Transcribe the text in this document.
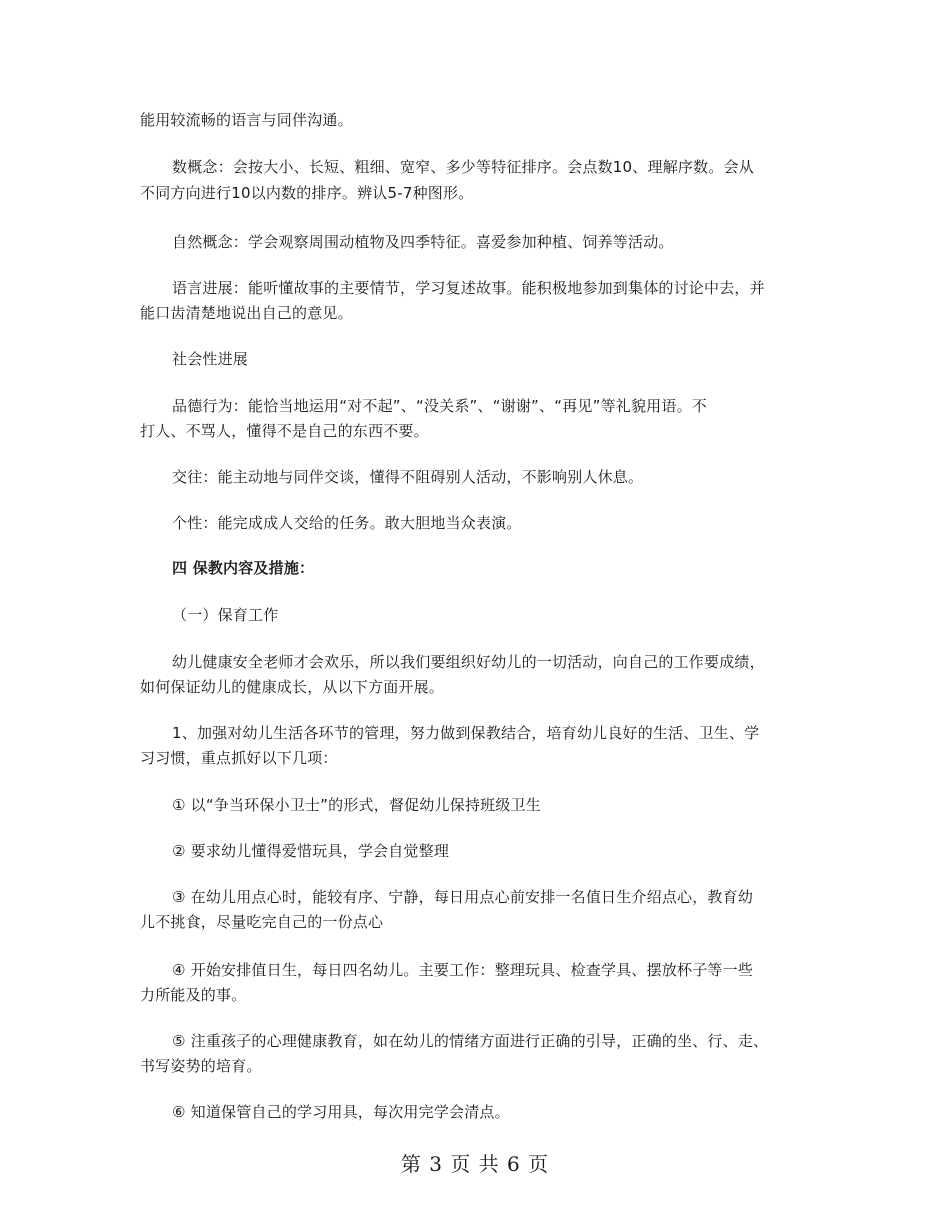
能用较流畅的语言与同伴沟通。
数概念：会按大小、长短、粗细、宽窄、多少等特征排序。会点数10、理解序数。会从
不同方向进行10以内数的排序。辨认5-7种图形。
自然概念：学会观察周围动植物及四季特征。喜爱参加种植、饲养等活动。
语言进展：能听懂故事的主要情节，学习复述故事。能积极地参加到集体的讨论中去，并
能口齿清楚地说出自己的意见。
社会性进展
品德行为：能恰当地运用“对不起”、“没关系”、“谢谢”、“再见”等礼貌用语。不
打人、不骂人，懂得不是自己的东西不要。
交往：能主动地与同伴交谈，懂得不阻碍别人活动，不影响别人休息。
个性：能完成成人交给的任务。敢大胆地当众表演。
四 保教内容及措施：
（一）保育工作
幼儿健康安全老师才会欢乐，所以我们要组织好幼儿的一切活动，向自己的工作要成绩，
如何保证幼儿的健康成长，从以下方面开展。
1、加强对幼儿生活各环节的管理，努力做到保教结合，培育幼儿良好的生活、卫生、学
习习惯，重点抓好以下几项：
① 以“争当环保小卫士”的形式，督促幼儿保持班级卫生
② 要求幼儿懂得爱惜玩具，学会自觉整理
③ 在幼儿用点心时，能较有序、宁静，每日用点心前安排一名值日生介绍点心，教育幼
儿不挑食，尽量吃完自己的一份点心
④ 开始安排值日生，每日四名幼儿。主要工作：整理玩具、检查学具、摆放杯子等一些
力所能及的事。
⑤ 注重孩子的心理健康教育，如在幼儿的情绪方面进行正确的引导，正确的坐、行、走、
书写姿势的培育。
⑥ 知道保管自己的学习用具，每次用完学会清点。
第 3 页 共 6 页
